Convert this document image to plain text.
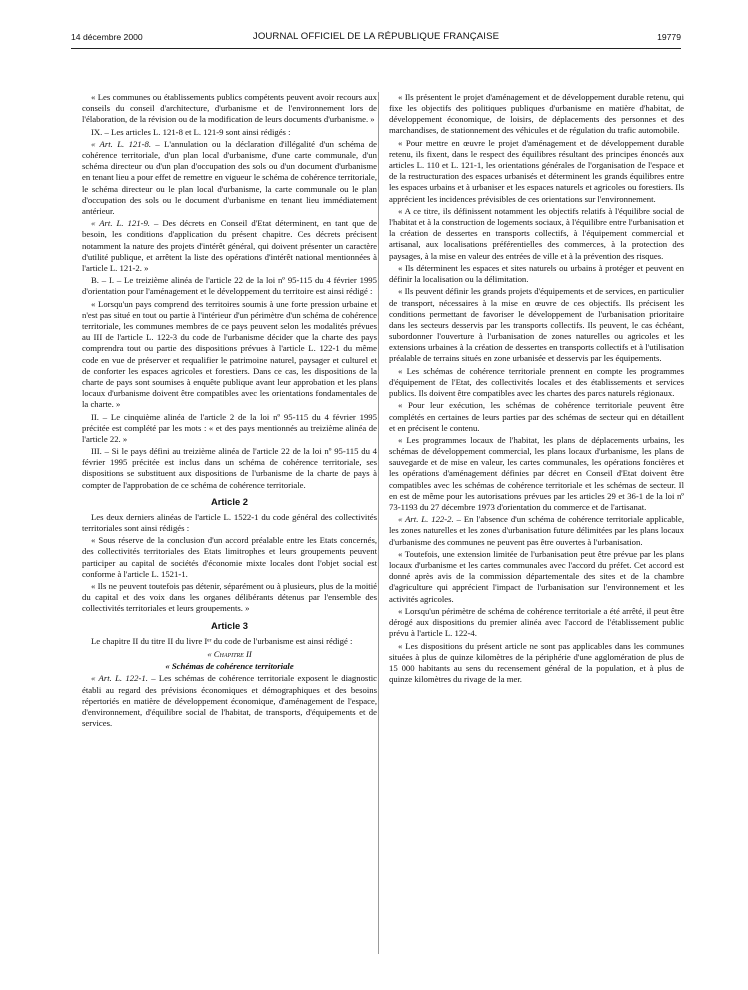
14 décembre 2000	JOURNAL OFFICIEL DE LA RÉPUBLIQUE FRANÇAISE	19779

« Les communes ou établissements publics compétents peuvent avoir recours aux conseils du conseil d'architecture, d'urbanisme et de l'environnement lors de l'élaboration, de la révision ou de la modification de leurs documents d'urbanisme. »

IX. – Les articles L. 121-8 et L. 121-9 sont ainsi rédigés :

« Art. L. 121-8. – L'annulation ou la déclaration d'illégalité d'un schéma de cohérence territoriale, d'un plan local d'urbanisme, d'une carte communale, d'un schéma directeur ou d'un plan d'occupation des sols ou d'un document d'urbanisme en tenant lieu a pour effet de remettre en vigueur le schéma de cohérence territoriale, le schéma directeur ou le plan local d'urbanisme, la carte communale ou le plan d'occupation des sols ou le document d'urbanisme en tenant lieu immédiatement antérieur.

« Art. L. 121-9. – Des décrets en Conseil d'Etat déterminent, en tant que de besoin, les conditions d'application du présent chapitre. Ces décrets précisent notamment la nature des projets d'intérêt général, qui doivent présenter un caractère d'utilité publique, et arrêtent la liste des opérations d'intérêt national mentionnées à l'article L. 121-2. »

B. – I. – Le treizième alinéa de l'article 22 de la loi nº 95-115 du 4 février 1995 d'orientation pour l'aménagement et le développement du territoire est ainsi rédigé :

« Lorsqu'un pays comprend des territoires soumis à une forte pression urbaine et n'est pas situé en tout ou partie à l'intérieur d'un périmètre d'un schéma de cohérence territoriale, les communes membres de ce pays peuvent selon les modalités prévues au III de l'article L. 122-3 du code de l'urbanisme décider que la charte des pays comprendra tout ou partie des dispositions prévues à l'article L. 122-1 du même code en vue de préserver et requalifier le patrimoine naturel, paysager et culturel et de conforter les espaces agricoles et forestiers. Dans ce cas, les dispositions de la charte de pays sont soumises à enquête publique avant leur approbation et les plans locaux d'urbanisme doivent être compatibles avec les orientations fondamentales de la charte. »

II. – Le cinquième alinéa de l'article 2 de la loi nº 95-115 du 4 février 1995 précitée est complété par les mots : « et des pays mentionnés au treizième alinéa de l'article 22. »

III. – Si le pays défini au treizième alinéa de l'article 22 de la loi nº 95-115 du 4 février 1995 précitée est inclus dans un schéma de cohérence territoriale, ses dispositions se substituent aux dispositions de l'urbanisme de la charte de pays à compter de l'approbation de ce schéma de cohérence territoriale.

Article 2

Les deux derniers alinéas de l'article L. 1522-1 du code général des collectivités territoriales sont ainsi rédigés :

« Sous réserve de la conclusion d'un accord préalable entre les Etats concernés, des collectivités territoriales des Etats limitrophes et leurs groupements peuvent participer au capital de sociétés d'économie mixte locales dont l'objet social est conforme à l'article L. 1521-1.

« Ils ne peuvent toutefois pas détenir, séparément ou à plusieurs, plus de la moitié du capital et des voix dans les organes délibérants détenus par l'ensemble des collectivités territoriales et leurs groupements. »

Article 3

Le chapitre II du titre II du livre Iᵉʳ du code de l'urbanisme est ainsi rédigé :

« Chapitre II

« Schémas de cohérence territoriale

« Art. L. 122-1. – Les schémas de cohérence territoriale exposent le diagnostic établi au regard des prévisions économiques et démographiques et des besoins répertoriés en matière de développement économique, d'aménagement de l'espace, d'environnement, d'équilibre social de l'habitat, de transports, d'équipements et de services.

« Ils présentent le projet d'aménagement et de développement durable retenu, qui fixe les objectifs des politiques publiques d'urbanisme en matière d'habitat, de développement économique, de loisirs, de déplacements des personnes et des marchandises, de stationnement des véhicules et de régulation du trafic automobile.

« Pour mettre en œuvre le projet d'aménagement et de développement durable retenu, ils fixent, dans le respect des équilibres résultant des principes énoncés aux articles L. 110 et L. 121-1, les orientations générales de l'organisation de l'espace et de la restructuration des espaces urbanisés et déterminent les grands équilibres entre les espaces urbains et à urbaniser et les espaces naturels et agricoles ou forestiers. Ils apprécient les incidences prévisibles de ces orientations sur l'environnement.

« A ce titre, ils définissent notamment les objectifs relatifs à l'équilibre social de l'habitat et à la construction de logements sociaux, à l'équilibre entre l'urbanisation et la création de dessertes en transports collectifs, à l'équipement commercial et artisanal, aux localisations préférentielles des commerces, à la protection des paysages, à la mise en valeur des entrées de ville et à la prévention des risques.

« Ils déterminent les espaces et sites naturels ou urbains à protéger et peuvent en définir la localisation ou la délimitation.

« Ils peuvent définir les grands projets d'équipements et de services, en particulier de transport, nécessaires à la mise en œuvre de ces objectifs. Ils précisent les conditions permettant de favoriser le développement de l'urbanisation prioritaire dans les secteurs desservis par les transports collectifs. Ils peuvent, le cas échéant, subordonner l'ouverture à l'urbanisation de zones naturelles ou agricoles et les extensions urbaines à la création de dessertes en transports collectifs et à l'utilisation préalable de terrains situés en zone urbanisée et desservis par les équipements.

« Les schémas de cohérence territoriale prennent en compte les programmes d'équipement de l'Etat, des collectivités locales et des établissements et services publics. Ils doivent être compatibles avec les chartes des parcs naturels régionaux.

« Pour leur exécution, les schémas de cohérence territoriale peuvent être complétés en certaines de leurs parties par des schémas de secteur qui en détaillent et en précisent le contenu.

« Les programmes locaux de l'habitat, les plans de déplacements urbains, les schémas de développement commercial, les plans locaux d'urbanisme, les plans de sauvegarde et de mise en valeur, les cartes communales, les opérations foncières et les opérations d'aménagement définies par décret en Conseil d'Etat doivent être compatibles avec les schémas de cohérence territoriale et les schémas de secteur. Il en est de même pour les autorisations prévues par les articles 29 et 36-1 de la loi nº 73-1193 du 27 décembre 1973 d'orientation du commerce et de l'artisanat.

« Art. L. 122-2. – En l'absence d'un schéma de cohérence territoriale applicable, les zones naturelles et les zones d'urbanisation future délimitées par les plans locaux d'urbanisme des communes ne peuvent pas être ouvertes à l'urbanisation.

« Toutefois, une extension limitée de l'urbanisation peut être prévue par les plans locaux d'urbanisme et les cartes communales avec l'accord du préfet. Cet accord est donné après avis de la commission départementale des sites et de la chambre d'agriculture qui apprécient l'impact de l'urbanisation sur l'environnement et les activités agricoles.

« Lorsqu'un périmètre de schéma de cohérence territoriale a été arrêté, il peut être dérogé aux dispositions du premier alinéa avec l'accord de l'établissement public prévu à l'article L. 122-4.

« Les dispositions du présent article ne sont pas applicables dans les communes situées à plus de quinze kilomètres de la périphérie d'une agglomération de plus de 15 000 habitants au sens du recensement général de la population, et à plus de quinze kilomètres du rivage de la mer.
